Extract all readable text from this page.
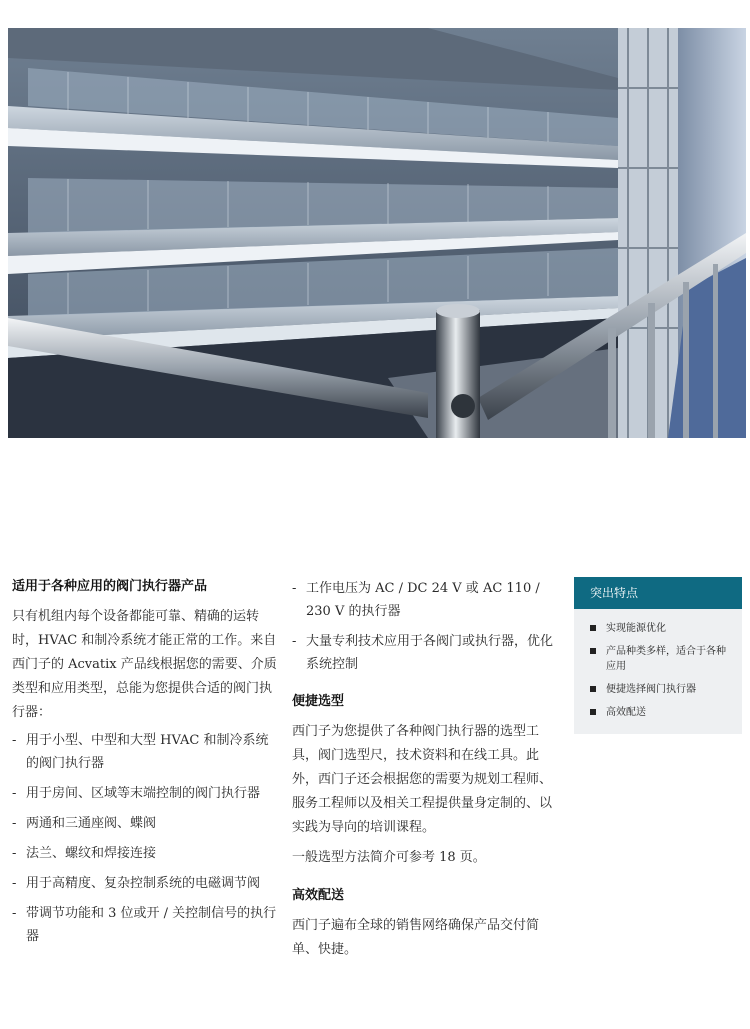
适用于各种应用的阀门执行器产品

只有机组内每个设备都能可靠、精确的运转时，HVAC 和制冷系统才能正常的工作。来自西门子的 Acvatix 产品线根据您的需要、介质类型和应用类型，总能为您提供合适的阀门执行器：

- 用于小型、中型和大型 HVAC 和制冷系统的阀门执行器
- 用于房间、区域等末端控制的阀门执行器
- 两通和三通座阀、蝶阀
- 法兰、螺纹和焊接连接
- 用于高精度、复杂控制系统的电磁调节阀
- 带调节功能和 3 位或开 / 关控制信号的执行器
- 工作电压为 AC / DC 24 V 或 AC 110 / 230 V 的执行器
- 大量专利技术应用于各阀门或执行器，优化系统控制
便捷选型

西门子为您提供了各种阀门执行器的选型工具，阀门选型尺，技术资料和在线工具。此外，西门子还会根据您的需要为规划工程师、服务工程师以及相关工程提供量身定制的、以实践为导向的培训课程。

一般选型方法简介可参考 18 页。

高效配送

西门子遍布全球的销售网络确保产品交付简单、快捷。

突出特点
实现能源优化
产品种类多样，适合于各种应用
便捷选择阀门执行器
高效配送
